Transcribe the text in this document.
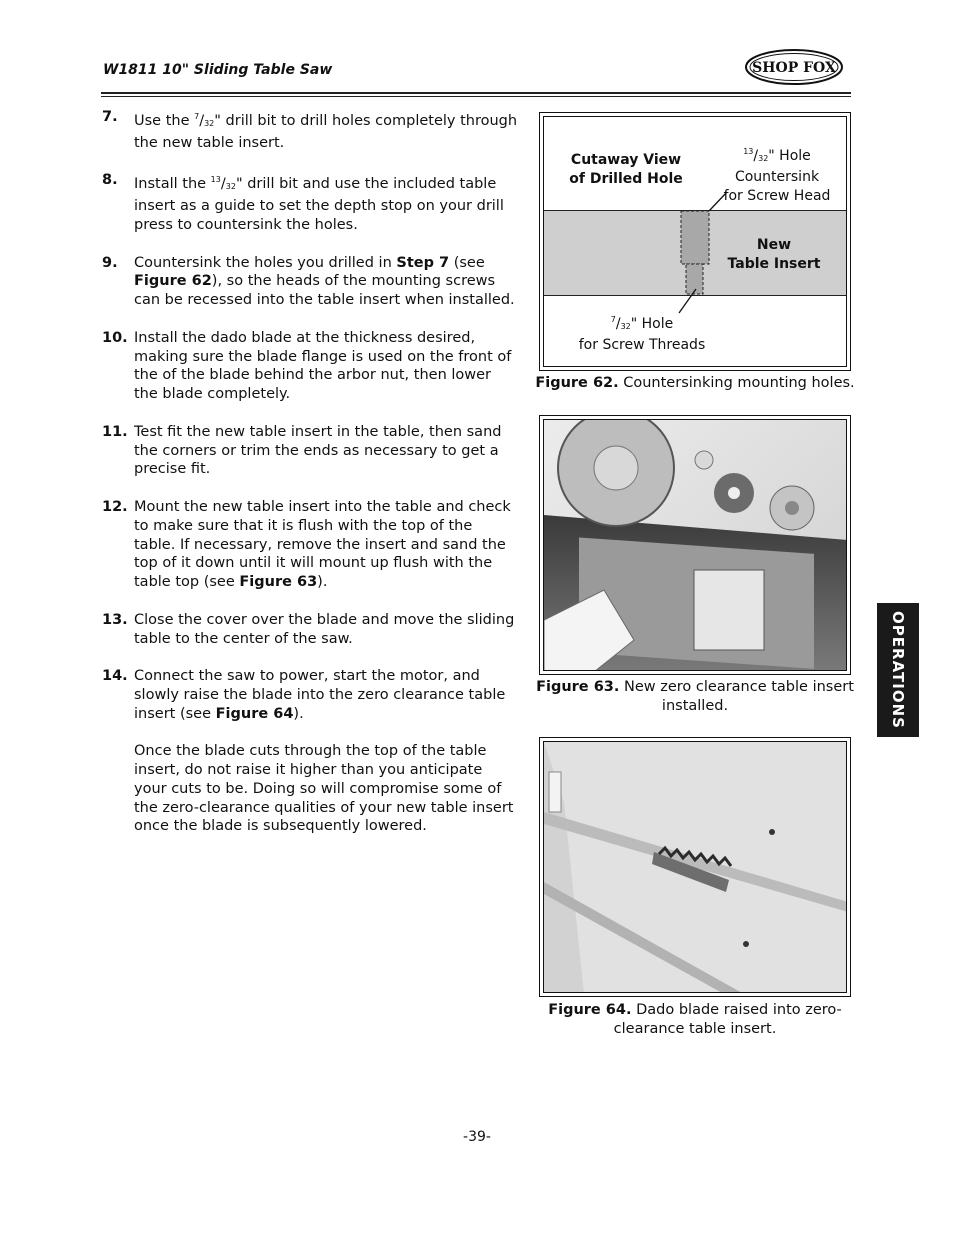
W1811 10" Sliding Table Saw	SHOP FOX
7.	Use the $^7/_{32}$" drill bit to drill holes completely through the new table insert.

8.	Install the $^{13}/_{32}$" drill bit and use the included table insert as a guide to set the depth stop on your drill press to countersink the holes.

9.	Countersink the holes you drilled in Step 7 (see Figure 62), so the heads of the mounting screws can be recessed into the table insert when installed.

10. Install the dado blade at the thickness desired, making sure the blade flange is used on the front of the of the blade behind the arbor nut, then lower the blade completely.

11. Test fit the new table insert in the table, then sand the corners or trim the ends as necessary to get a precise fit.

12. Mount the new table insert into the table and check to make sure that it is flush with the top of the table. If necessary, remove the insert and sand the top of it down until it will mount up flush with the table top (see Figure 63).

13. Close the cover over the blade and move the sliding table to the center of the saw.

14. Connect the saw to power, start the motor, and slowly raise the blade into the zero clearance table insert (see Figure 64).

Once the blade cuts through the top of the table insert, do not raise it higher than you anticipate your cuts to be. Doing so will compromise some of the zero-clearance qualities of your new table insert once the blade is subsequently lowered.

Cutaway View
of Drilled Hole
$^{13}/_{32}$" Hole
Countersink
for Screw Head
New
Table Insert
$^7/_{32}$" Hole
for Screw Threads
Figure 62. Countersinking mounting holes.
Figure 63. New zero clearance table insert installed.
Figure 64. Dado blade raised into zero-clearance table insert.
OPERATIONS
-39-
